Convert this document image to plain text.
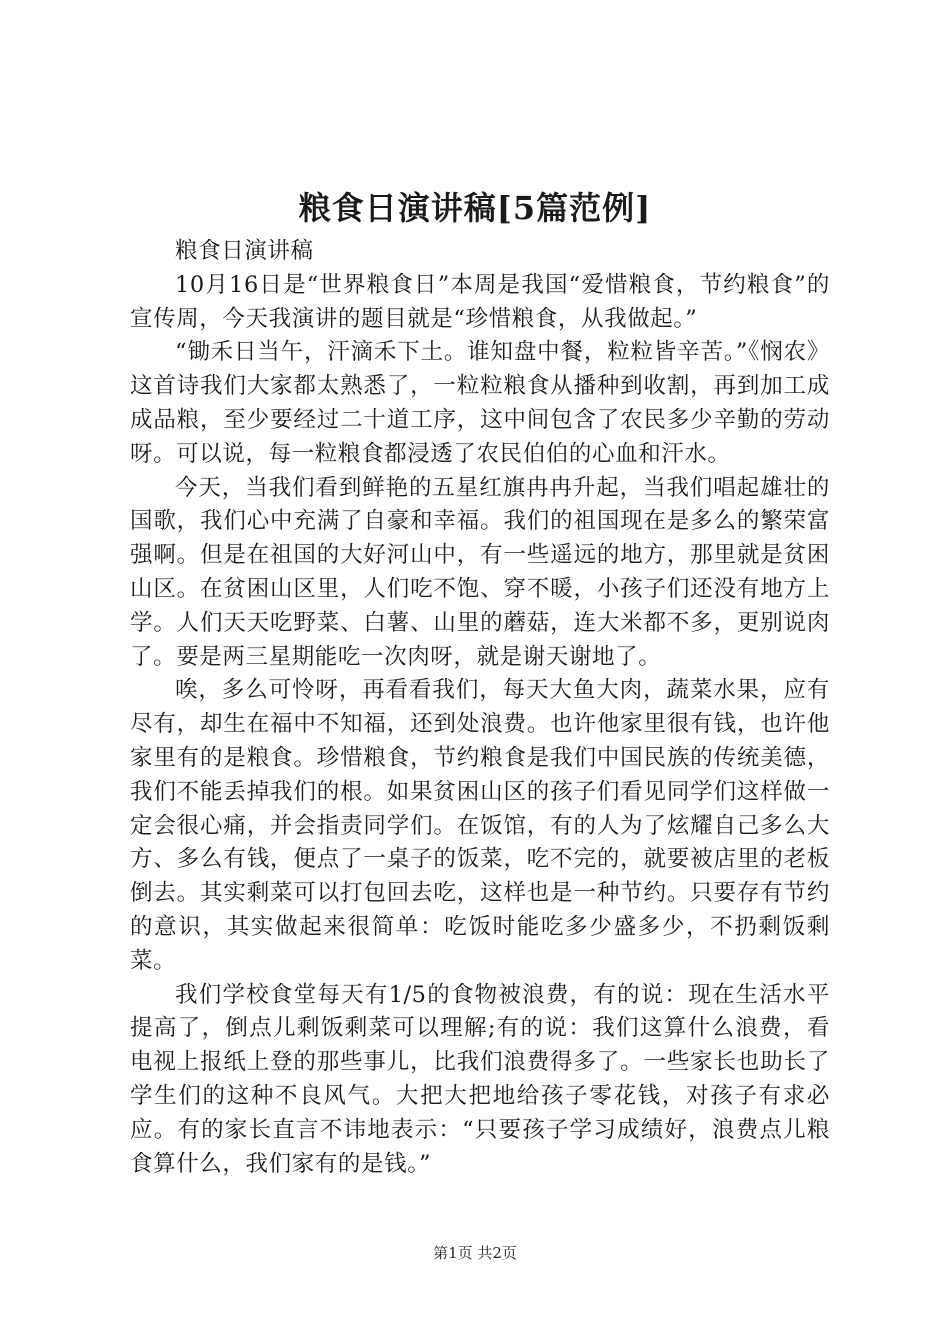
粮食日演讲稿[5篇范例]

粮食日演讲稿

10月16日是“世界粮食日”本周是我国“爱惜粮食，节约粮食”的宣传周，今天我演讲的题目就是“珍惜粮食，从我做起。”

“锄禾日当午，汗滴禾下土。谁知盘中餐，粒粒皆辛苦。”《悯农》这首诗我们大家都太熟悉了，一粒粒粮食从播种到收割，再到加工成成品粮，至少要经过二十道工序，这中间包含了农民多少辛勤的劳动呀。可以说，每一粒粮食都浸透了农民伯伯的心血和汗水。

今天，当我们看到鲜艳的五星红旗冉冉升起，当我们唱起雄壮的国歌，我们心中充满了自豪和幸福。我们的祖国现在是多么的繁荣富强啊。但是在祖国的大好河山中，有一些遥远的地方，那里就是贫困山区。在贫困山区里，人们吃不饱、穿不暖，小孩子们还没有地方上学。人们天天吃野菜、白薯、山里的蘑菇，连大米都不多，更别说肉了。要是两三星期能吃一次肉呀，就是谢天谢地了。

唉，多么可怜呀，再看看我们，每天大鱼大肉，蔬菜水果，应有尽有，却生在福中不知福，还到处浪费。也许他家里很有钱，也许他家里有的是粮食。珍惜粮食，节约粮食是我们中国民族的传统美德，我们不能丢掉我们的根。如果贫困山区的孩子们看见同学们这样做一定会很心痛，并会指责同学们。在饭馆，有的人为了炫耀自己多么大方、多么有钱，便点了一桌子的饭菜，吃不完的，就要被店里的老板倒去。其实剩菜可以打包回去吃，这样也是一种节约。只要存有节约的意识，其实做起来很简单：吃饭时能吃多少盛多少，不扔剩饭剩菜。

我们学校食堂每天有1/5的食物被浪费，有的说：现在生活水平提高了，倒点儿剩饭剩菜可以理解;有的说：我们这算什么浪费，看电视上报纸上登的那些事儿，比我们浪费得多了。一些家长也助长了学生们的这种不良风气。大把大把地给孩子零花钱，对孩子有求必应。有的家长直言不讳地表示：“只要孩子学习成绩好，浪费点儿粮食算什么，我们家有的是钱。”

第1页 共2页
